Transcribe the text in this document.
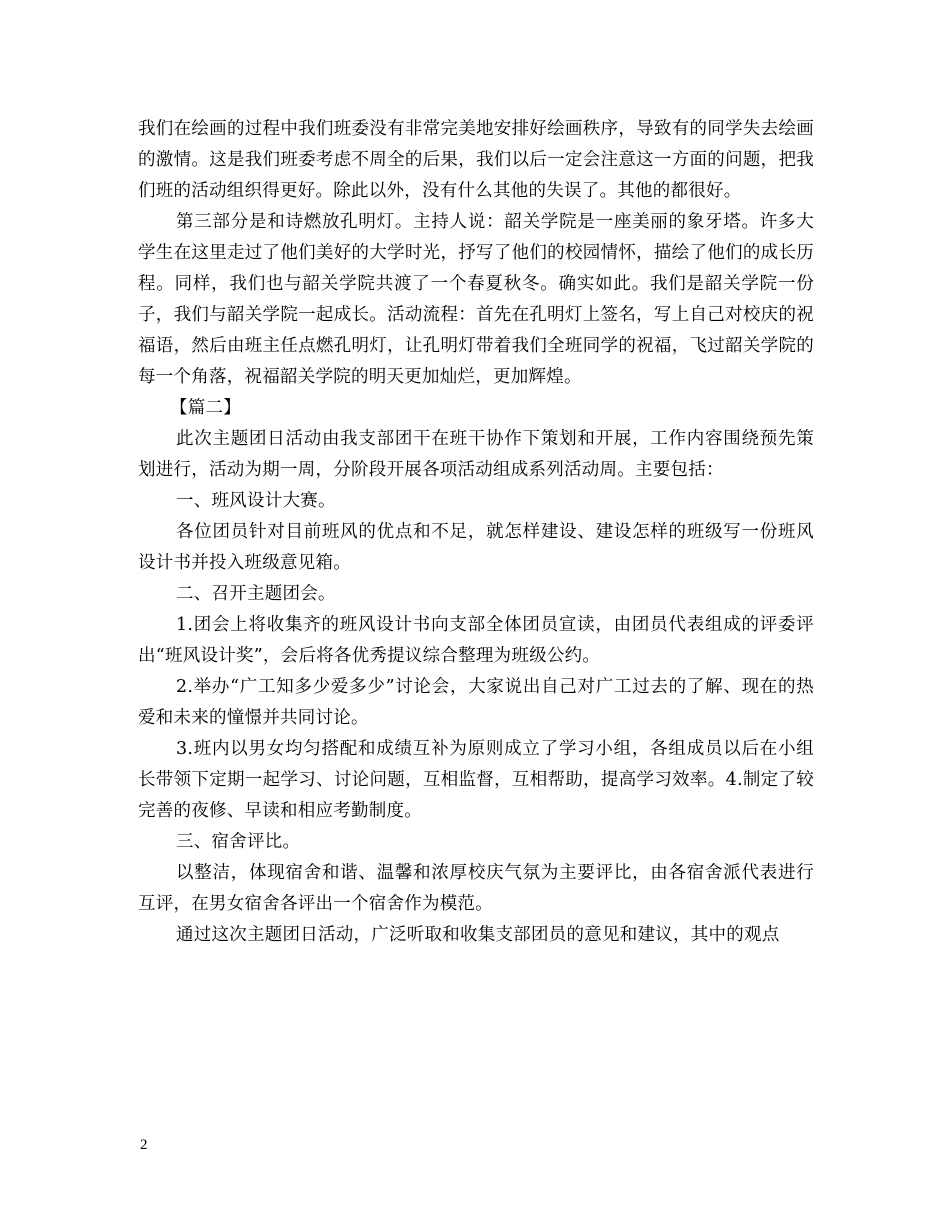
我们在绘画的过程中我们班委没有非常完美地安排好绘画秩序，导致有的同学失去绘画的激情。这是我们班委考虑不周全的后果，我们以后一定会注意这一方面的问题，把我们班的活动组织得更好。除此以外，没有什么其他的失误了。其他的都很好。

第三部分是和诗燃放孔明灯。主持人说：韶关学院是一座美丽的象牙塔。许多大学生在这里走过了他们美好的大学时光，抒写了他们的校园情怀，描绘了他们的成长历程。同样，我们也与韶关学院共渡了一个春夏秋冬。确实如此。我们是韶关学院一份子，我们与韶关学院一起成长。活动流程：首先在孔明灯上签名，写上自己对校庆的祝福语，然后由班主任点燃孔明灯，让孔明灯带着我们全班同学的祝福，飞过韶关学院的每一个角落，祝福韶关学院的明天更加灿烂，更加辉煌。

【篇二】

此次主题团日活动由我支部团干在班干协作下策划和开展，工作内容围绕预先策划进行，活动为期一周，分阶段开展各项活动组成系列活动周。主要包括：

一、班风设计大赛。

各位团员针对目前班风的优点和不足，就怎样建设、建设怎样的班级写一份班风设计书并投入班级意见箱。

二、召开主题团会。

1.团会上将收集齐的班风设计书向支部全体团员宣读，由团员代表组成的评委评出“班风设计奖”，会后将各优秀提议综合整理为班级公约。

2.举办“广工知多少爱多少”讨论会，大家说出自己对广工过去的了解、现在的热爱和未来的憧憬并共同讨论。

3.班内以男女均匀搭配和成绩互补为原则成立了学习小组，各组成员以后在小组长带领下定期一起学习、讨论问题，互相监督，互相帮助，提高学习效率。4.制定了较完善的夜修、早读和相应考勤制度。

三、宿舍评比。

以整洁，体现宿舍和谐、温馨和浓厚校庆气氛为主要评比，由各宿舍派代表进行互评，在男女宿舍各评出一个宿舍作为模范。

通过这次主题团日活动，广泛听取和收集支部团员的意见和建议，其中的观点

2
